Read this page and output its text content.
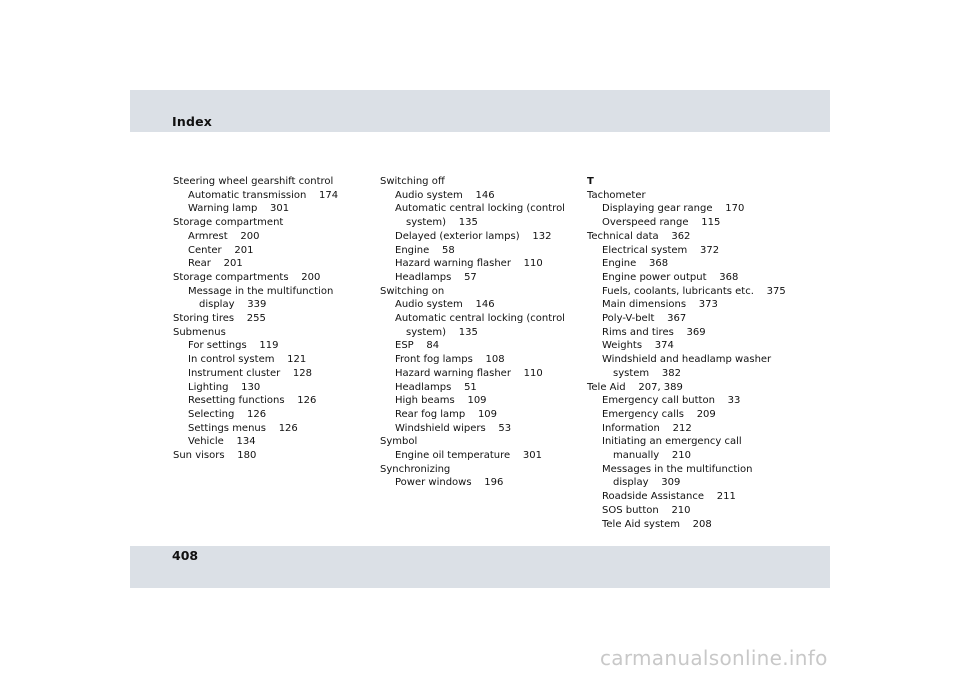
Index
Steering wheel gearshift control
Automatic transmission    174
Warning lamp    301
Storage compartment
Armrest    200
Center    201
Rear    201
Storage compartments    200
Message in the multifunction
display    339
Storing tires    255
Submenus
For settings    119
In control system    121
Instrument cluster    128
Lighting    130
Resetting functions    126
Selecting    126
Settings menus    126
Vehicle    134
Sun visors    180
Switching off
Audio system    146
Automatic central locking (control
system)    135
Delayed (exterior lamps)    132
Engine    58
Hazard warning flasher    110
Headlamps    57
Switching on
Audio system    146
Automatic central locking (control
system)    135
ESP    84
Front fog lamps    108
Hazard warning flasher    110
Headlamps    51
High beams    109
Rear fog lamp    109
Windshield wipers    53
Symbol
Engine oil temperature    301
Synchronizing
Power windows    196
T
Tachometer
Displaying gear range    170
Overspeed range    115
Technical data    362
Electrical system    372
Engine    368
Engine power output    368
Fuels, coolants, lubricants etc.    375
Main dimensions    373
Poly-V-belt    367
Rims and tires    369
Weights    374
Windshield and headlamp washer
system    382
Tele Aid    207, 389
Emergency call button    33
Emergency calls    209
Information    212
Initiating an emergency call
manually    210
Messages in the multifunction
display    309
Roadside Assistance    211
SOS button    210
Tele Aid system    208
408
carmanualsonline.info
